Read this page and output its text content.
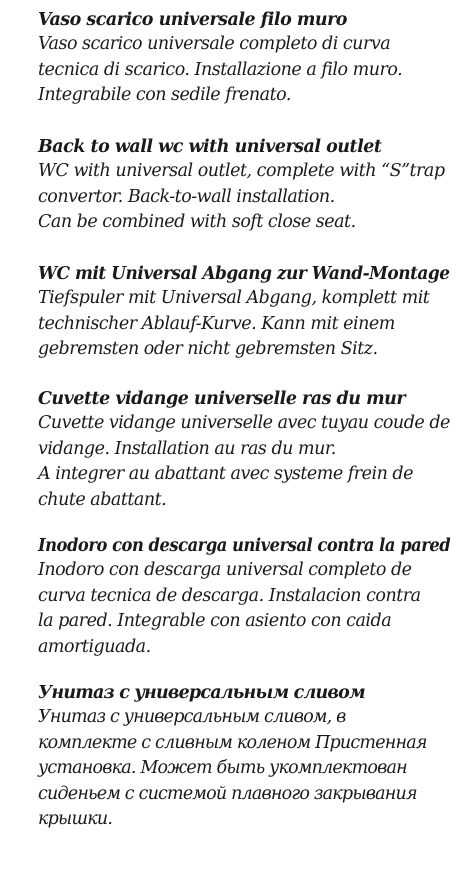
Vaso scarico universale filo muro
Vaso scarico universale completo di curva
tecnica di scarico. Installazione a filo muro.
Integrabile con sedile frenato.
Back to wall wc with universal outlet
WC with universal outlet, complete with “S”trap
convertor. Back-to-wall installation.
Can be combined with soft close seat.
WC mit Universal Abgang zur Wand-Montage
Tiefspuler mit Universal Abgang, komplett mit
technischer Ablauf-Kurve. Kann mit einem
gebremsten oder nicht gebremsten Sitz.
Cuvette vidange universelle ras du mur
Cuvette vidange universelle avec tuyau coude de
vidange. Installation au ras du mur.
A integrer au abattant avec systeme frein de
chute abattant.
Inodoro con descarga universal contra la pared
Inodoro con descarga universal completo de
curva tecnica de descarga. Instalacion contra
la pared. Integrable con asiento con caida
amortiguada.
Унитаз с универсальным сливом
Унитаз с универсальным сливом, в
комплекте с сливным коленом Пристенная
установка. Может быть укомплектован
сиденьем с системой плавного закрывания
крышки.
